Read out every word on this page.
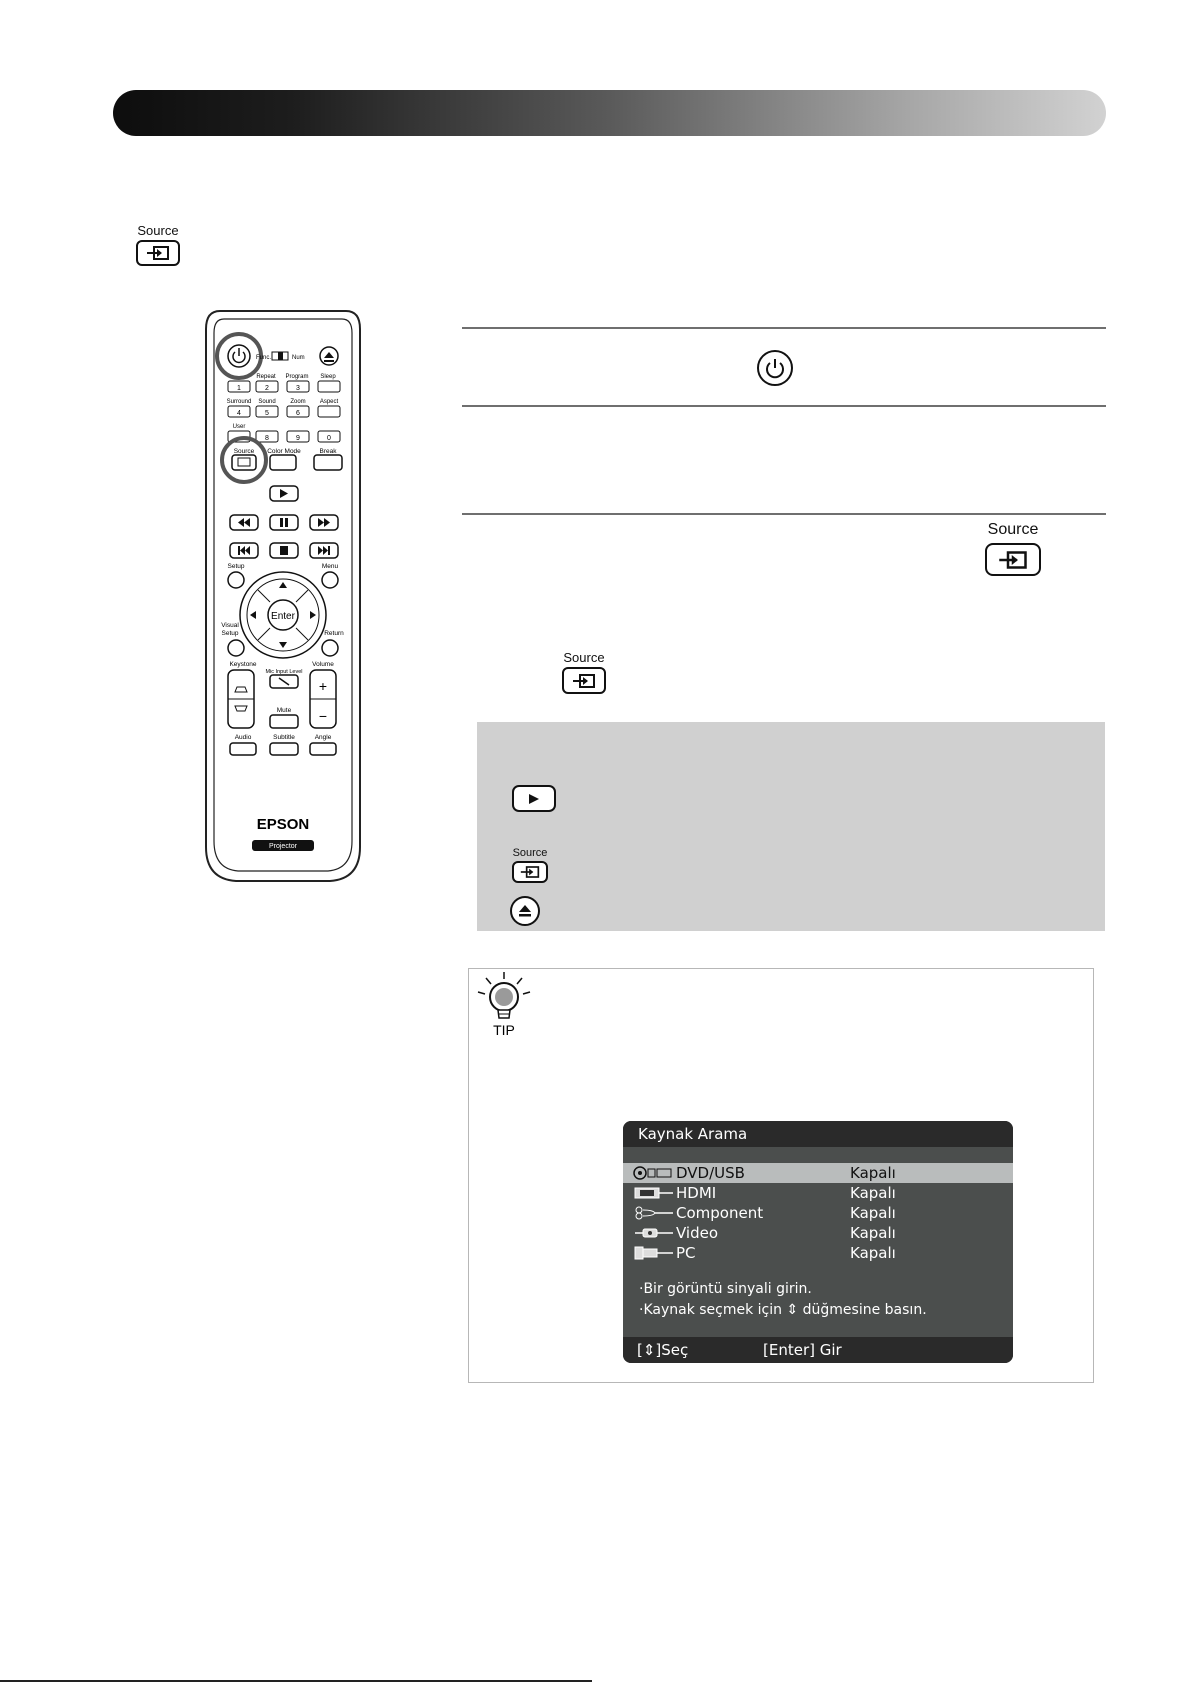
Source
Func.	Num
Repeat Program Sleep
1	2	3
Surround Sound Zoom Aspect
4	5	6
User
8	9	0
Source Color Mode	Break
Setup	Menu
Enter
Visual
Setup	Return
Keystone
Mic Input Level
Volume
+
−
Mute
Audio	Subtitle	Angle
EPSON
Projector
Source
Source
Source
TIP
Kaynak Arama
DVD/USB	Kapalı
HDMI	Kapalı
Component	Kapalı
Video	Kapalı
PC	Kapalı
·Bir görüntü sinyali girin.
·Kaynak seçmek için ⇕ düğmesine basın.
[⇕]Seç	[Enter] Gir
